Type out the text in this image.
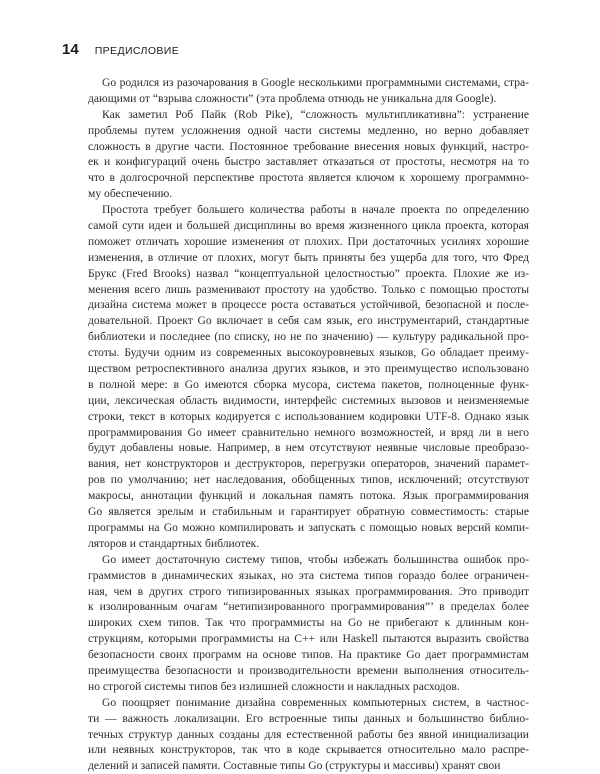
14 ПРЕДИСЛОВИЕ

Go родился из разочарования в Google несколькими программными системами, стра-
дающими от “взрыва сложности” (эта проблема отнюдь не уникальна для Google).

Как заметил Роб Пайк (Rob Pike), “сложность мультипликативна”: устранение
проблемы путем усложнения одной части системы медленно, но верно добавляет
сложность в другие части. Постоянное требование внесения новых функций, настро-
ек и конфигураций очень быстро заставляет отказаться от простоты, несмотря на то
что в долгосрочной перспективе простота является ключом к хорошему программно-
му обеспечению.

Простота требует большего количества работы в начале проекта по определению
самой сути идеи и большей дисциплины во время жизненного цикла проекта, которая
поможет отличать хорошие изменения от плохих. При достаточных усилиях хорошие
изменения, в отличие от плохих, могут быть приняты без ущерба для того, что Фред
Брукс (Fred Brooks) назвал “концептуальной целостностью” проекта. Плохие же из-
менения всего лишь разменивают простоту на удобство. Только с помощью простоты
дизайна система может в процессе роста оставаться устойчивой, безопасной и после-
довательной. Проект Go включает в себя сам язык, его инструментарий, стандартные
библиотеки и последнее (по списку, но не по значению) — культуру радикальной про-
стоты. Будучи одним из современных высокоуровневых языков, Go обладает преиму-
ществом ретроспективного анализа других языков, и это преимущество использовано
в полной мере: в Go имеются сборка мусора, система пакетов, полноценные функ-
ции, лексическая область видимости, интерфейс системных вызовов и неизменяемые
строки, текст в которых кодируется с использованием кодировки UTF-8. Однако язык
программирования Go имеет сравнительно немного возможностей, и вряд ли в него
будут добавлены новые. Например, в нем отсутствуют неявные числовые преобразо-
вания, нет конструкторов и деструкторов, перегрузки операторов, значений парамет-
ров по умолчанию; нет наследования, обобщенных типов, исключений; отсутствуют
макросы, аннотации функций и локальная память потока. Язык программирования
Go является зрелым и стабильным и гарантирует обратную совместимость: старые
программы на Go можно компилировать и запускать с помощью новых версий компи-
ляторов и стандартных библиотек.

Go имеет достаточную систему типов, чтобы избежать большинства ошибок про-
граммистов в динамических языках, но эта система типов гораздо более ограничен-
ная, чем в других строго типизированных языках программирования. Это приводит
к изолированным очагам “нетипизированного программирования”’ в пределах более
широких схем типов. Так что программисты на Go не прибегают к длинным кон-
струкциям, которыми программисты на C++ или Haskell пытаются выразить свойства
безопасности своих программ на основе типов. На практике Go дает программистам
преимущества безопасности и производительности времени выполнения относитель-
но строгой системы типов без излишней сложности и накладных расходов.

Go поощряет понимание дизайна современных компьютерных систем, в частнос-
ти — важность локализации. Его встроенные типы данных и большинство библио-
течных структур данных созданы для естественной работы без явной инициализации
или неявных конструкторов, так что в коде скрывается относительно мало распре-
делений и записей памяти. Составные типы Go (структуры и массивы) хранят свои
